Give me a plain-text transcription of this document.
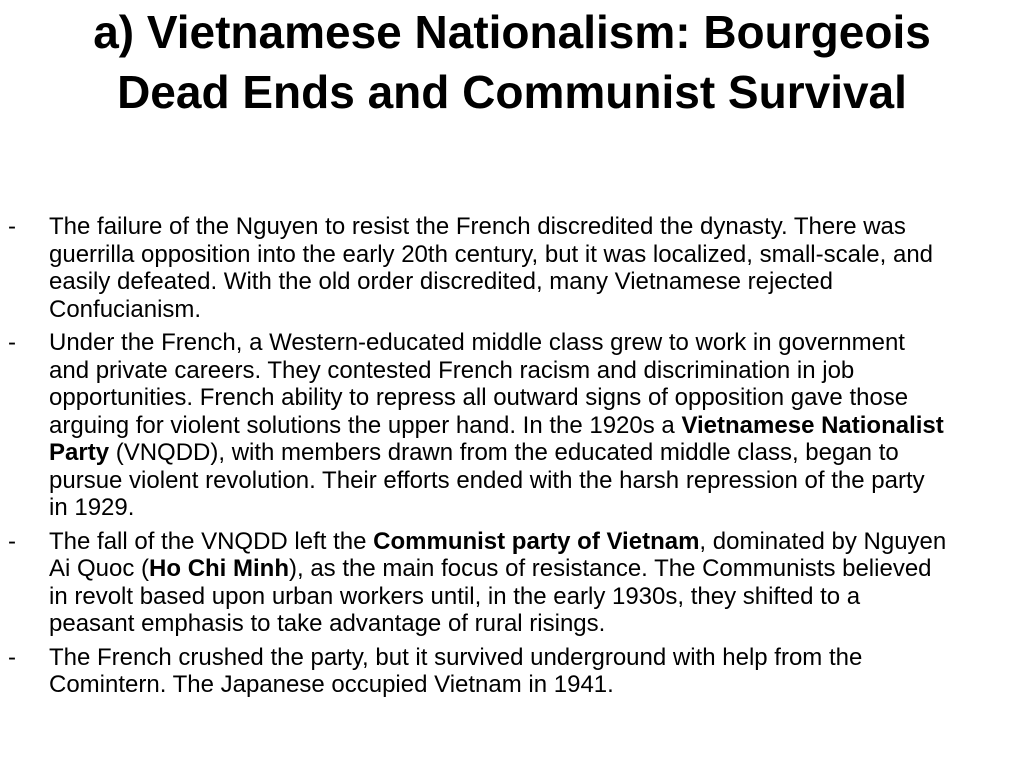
a) Vietnamese Nationalism: Bourgeois Dead Ends and Communist Survival
-	The failure of the Nguyen to resist the French discredited the dynasty. There was guerrilla opposition into the early 20th century, but it was localized, small-scale, and easily defeated. With the old order discredited, many Vietnamese rejected Confucianism.
-	Under the French, a Western-educated middle class grew to work in government and private careers. They contested French racism and discrimination in job opportunities. French ability to repress all outward signs of opposition gave those arguing for violent solutions the upper hand. In the 1920s a Vietnamese Nationalist Party (VNQDD), with members drawn from the educated middle class, began to pursue violent revolution. Their efforts ended with the harsh repression of the party in 1929.
-	The fall of the VNQDD left the Communist party of Vietnam, dominated by Nguyen Ai Quoc (Ho Chi Minh), as the main focus of resistance. The Communists believed in revolt based upon urban workers until, in the early 1930s, they shifted to a peasant emphasis to take advantage of rural risings.
-	The French crushed the party, but it survived underground with help from the Comintern. The Japanese occupied Vietnam in 1941.
